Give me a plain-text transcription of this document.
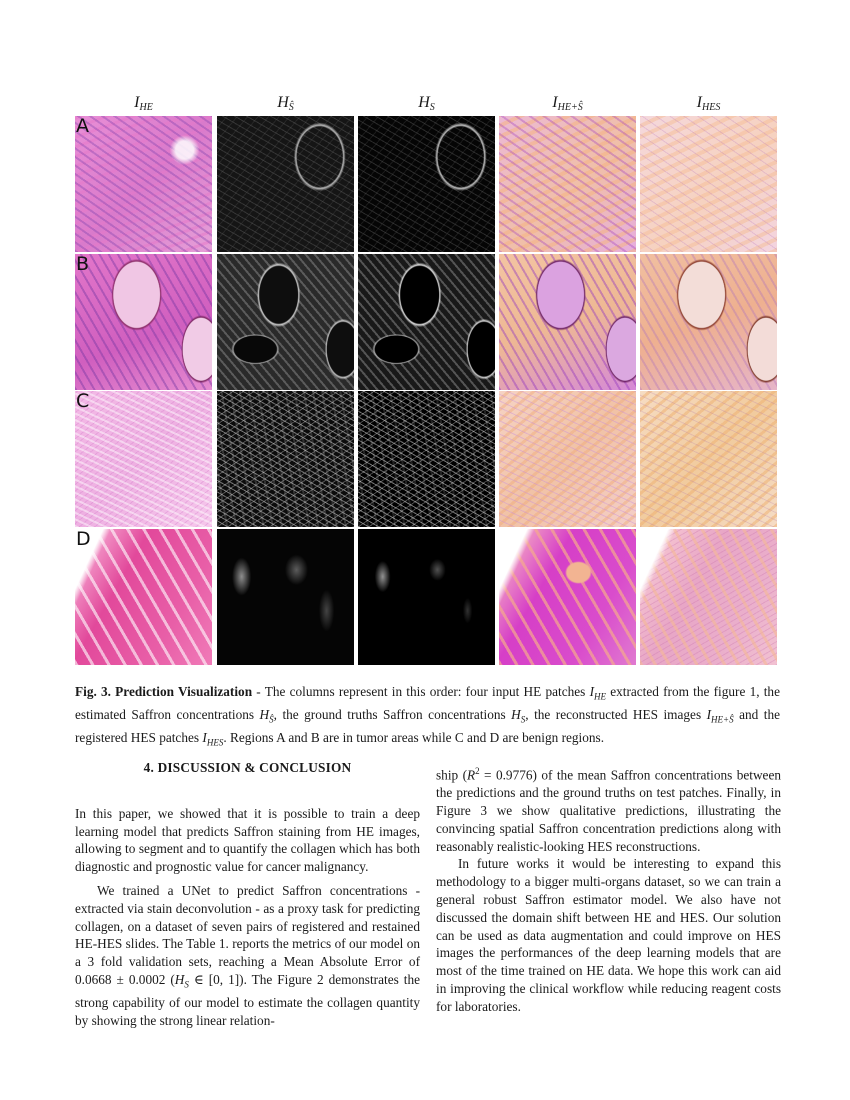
$I_{HE}$	$H_Ŝ$	$H_S$	$I_{HE+Ŝ}$	$I_{HES}$
A
B
C
D
Fig. 3. Prediction Visualization - The columns represent in this order: four input HE patches $I_{HE}$ extracted from the figure 1, the estimated Saffron concentrations $H_Ŝ$, the ground truths Saffron concentrations $H_S$, the reconstructed HES images $I_{HE+Ŝ}$ and the registered HES patches $I_{HES}$. Regions A and B are in tumor areas while C and D are benign regions.
4. DISCUSSION & CONCLUSION

In this paper, we showed that it is possible to train a deep learning model that predicts Saffron staining from HE images, allowing to segment and to quantify the collagen which has both diagnostic and prognostic value for cancer malignancy.

We trained a UNet to predict Saffron concentrations - extracted via stain deconvolution - as a proxy task for predicting collagen, on a dataset of seven pairs of registered and restained HE-HES slides. The Table 1. reports the metrics of our model on a 3 fold validation sets, reaching a Mean Absolute Error of 0.0668 ± 0.0002 ($H_S$ ∈ [0, 1]). The Figure 2 demonstrates the strong capability of our model to estimate the collagen quantity by showing the strong linear relation-

ship $(R^2 = 0.9776)$ of the mean Saffron concentrations between the predictions and the ground truths on test patches. Finally, in Figure 3 we show qualitative predictions, illustrating the convincing spatial Saffron concentration predictions along with reasonably realistic-looking HES reconstructions.

In future works it would be interesting to expand this methodology to a bigger multi-organs dataset, so we can train a general robust Saffron estimator model. We also have not discussed the domain shift between HE and HES. Our solution can be used as data augmentation and could improve on HES images the performances of the deep learning models that are most of the time trained on HE data. We hope this work can aid in improving the clinical workflow while reducing reagent costs for laboratories.
